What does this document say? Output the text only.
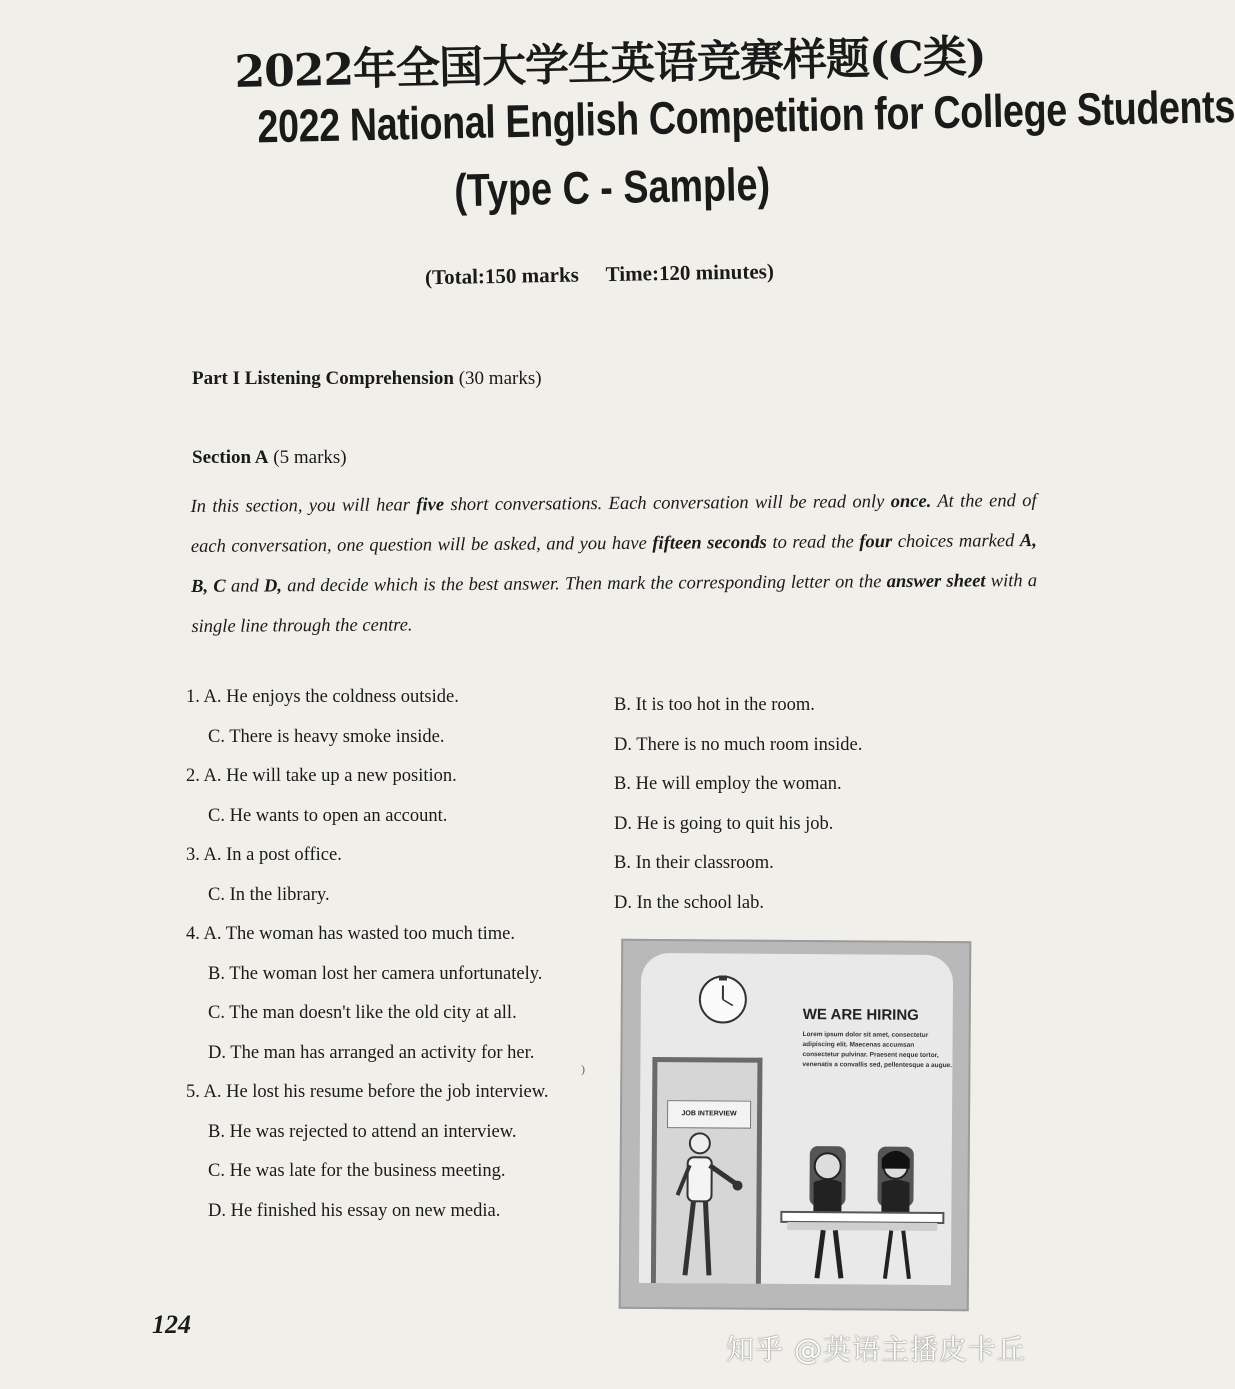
2022年全国大学生英语竞赛样题(C类)
2022 National English Competition for College Students
(Type C - Sample)
(Total:150 marks Time:120 minutes)
Part I Listening Comprehension (30 marks)
Section A (5 marks)
In this section, you will hear five short conversations. Each conversation will be read only once. At the end of each conversation, one question will be asked, and you have fifteen seconds to read the four choices marked A, B, C and D, and decide which is the best answer. Then mark the corresponding letter on the answer sheet with a single line through the centre.
1. A. He enjoys the coldness outside.
C. There is heavy smoke inside.
2. A. He will take up a new position.
C. He wants to open an account.
3. A. In a post office.
C. In the library.
4. A. The woman has wasted too much time.
B. The woman lost her camera unfortunately.
C. The man doesn't like the old city at all.
D. The man has arranged an activity for her.
5. A. He lost his resume before the job interview.
B. He was rejected to attend an interview.
C. He was late for the business meeting.
D. He finished his essay on new media.
B. It is too hot in the room.
D. There is no much room inside.
B. He will employ the woman.
D. He is going to quit his job.
B. In their classroom.
D. In the school lab.
WE ARE HIRING
Lorem ipsum dolor sit amet, consectetur adipiscing elit. Maecenas accumsan consectetur pulvinar. Praesent neque tortor, venenatis a convallis sed, pellentesque a augue.
JOB INTERVIEW
)
124
知乎 @英语主播皮卡丘
